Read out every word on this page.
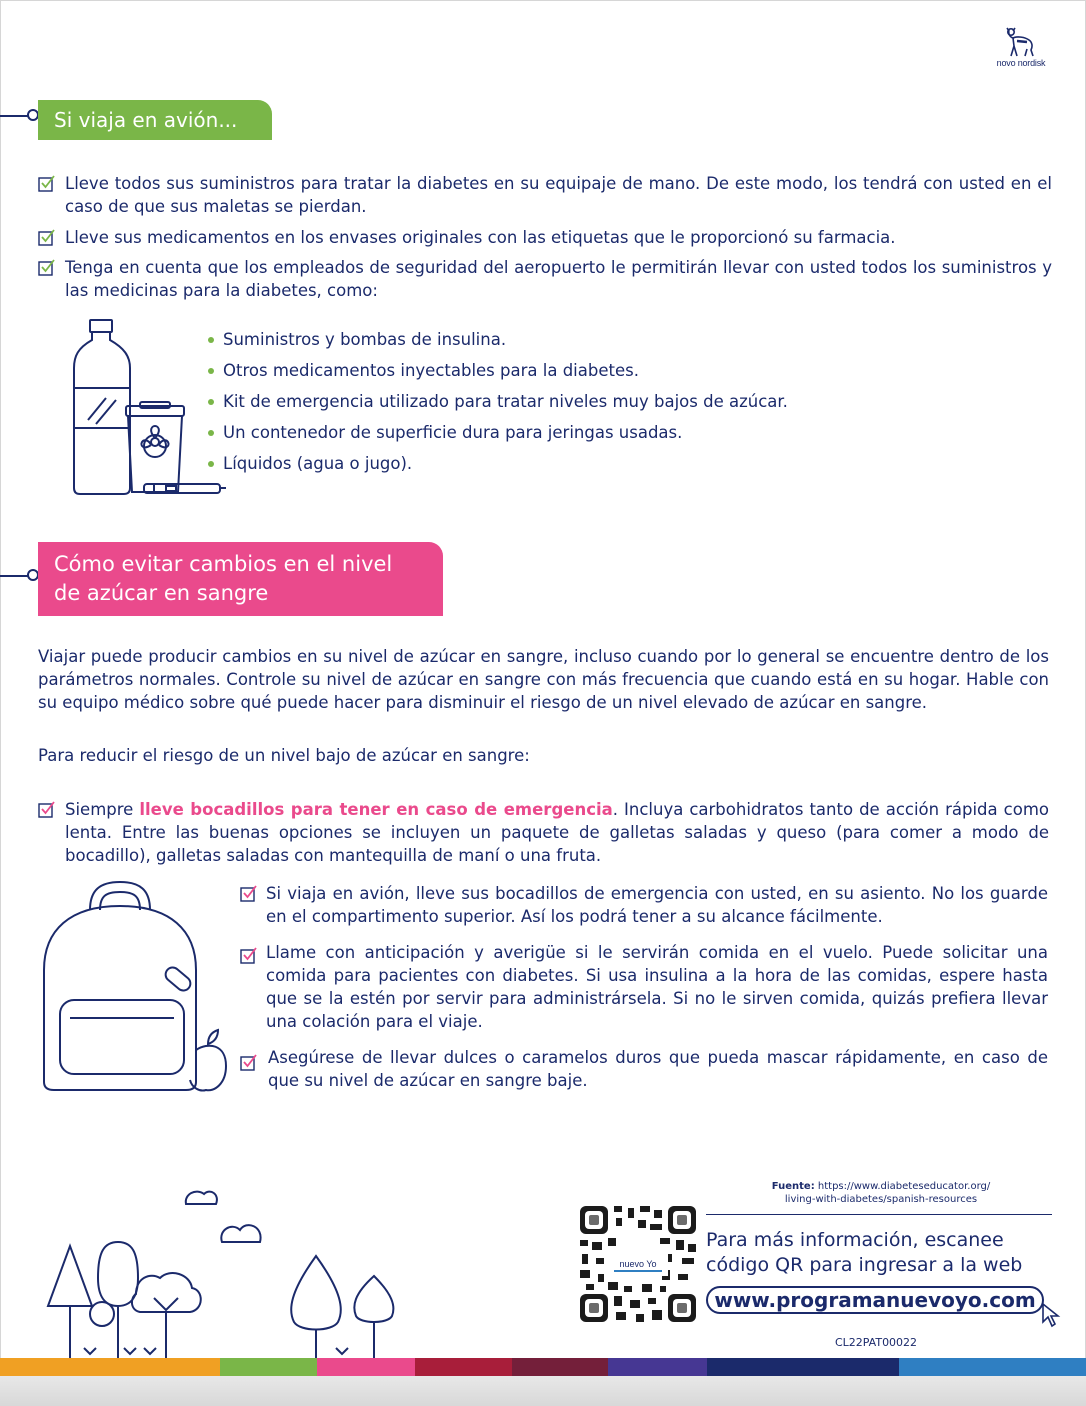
novo nordisk
Si viaja en avión...
Lleve todos sus suministros para tratar la diabetes en su equipaje de mano. De este modo, los tendrá con usted en el caso de que sus maletas se pierdan.
Lleve sus medicamentos en los envases originales con las etiquetas que le proporcionó su farmacia.
Tenga en cuenta que los empleados de seguridad del aeropuerto le permitirán llevar con usted todos los suministros y las medicinas para la diabetes, como:
Suministros y bombas de insulina.
Otros medicamentos inyectables para la diabetes.
Kit de emergencia utilizado para tratar niveles muy bajos de azúcar.
Un contenedor de superficie dura para jeringas usadas.
Líquidos (agua o jugo).
Cómo evitar cambios en el nivel
de azúcar en sangre

Viajar puede producir cambios en su nivel de azúcar en sangre, incluso cuando por lo general se encuentre dentro de los parámetros normales. Controle su nivel de azúcar en sangre con más frecuencia que cuando está en su hogar. Hable con su equipo médico sobre qué puede hacer para disminuir el riesgo de un nivel elevado de azúcar en sangre.

Para reducir el riesgo de un nivel bajo de azúcar en sangre:

Siempre lleve bocadillos para tener en caso de emergencia. Incluya carbohidratos tanto de acción rápida como lenta. Entre las buenas opciones se incluyen un paquete de galletas saladas y queso (para comer a modo de bocadillo), galletas saladas con mantequilla de maní o una fruta.
Si viaja en avión, lleve sus bocadillos de emergencia con usted, en su asiento. No los guarde en el compartimento superior. Así los podrá tener a su alcance fácilmente.
Llame con anticipación y averigüe si le servirán comida en el vuelo. Puede solicitar una comida para pacientes con diabetes. Si usa insulina a la hora de las comidas, espere hasta que se la estén por servir para administrársela. Si no le sirven comida, quizás prefiera llevar una colación para el viaje.
Asegúrese de llevar dulces o caramelos duros que pueda mascar rápidamente, en caso de que su nivel de azúcar en sangre baje.
Fuente: https://www.diabeteseducator.org/
living-with-diabetes/spanish-resources
nuevo Yo
Para más información, escanee código QR para ingresar a la web
www.programanuevoyo.com
CL22PAT00022
